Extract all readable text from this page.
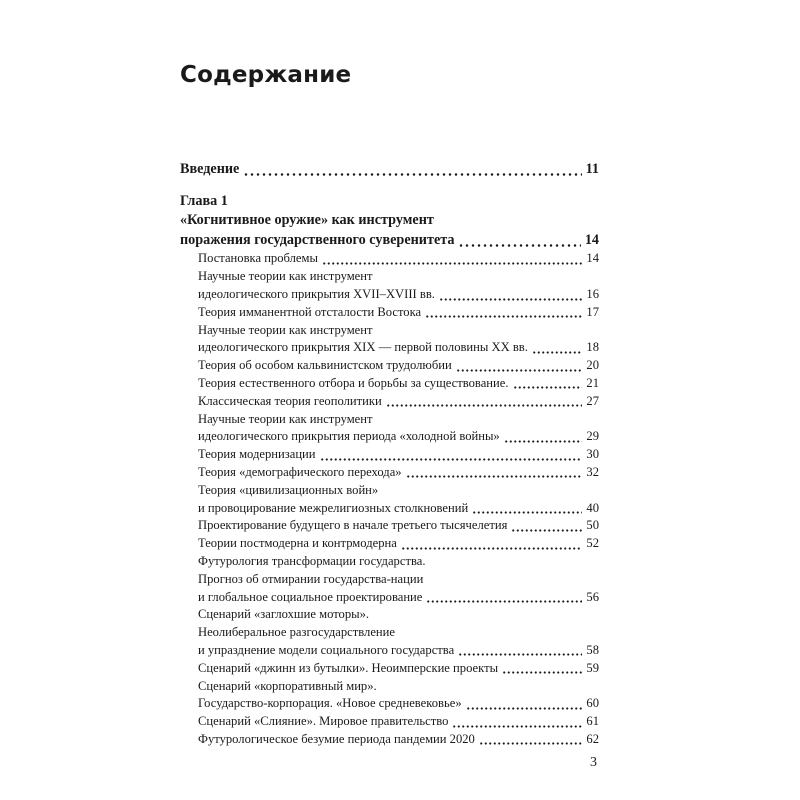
Содержание
Введение	11
Глава 1
«Когнитивное оружие» как инструмент
поражения государственного суверенитета	14
Постановка проблемы	14
Научные теории как инструмент
идеологического прикрытия XVII–XVIII вв.	16
Теория имманентной отсталости Востока	17
Научные теории как инструмент
идеологического прикрытия XIX — первой половины XX вв.	18
Теория об особом кальвинистском трудолюбии	20
Теория естественного отбора и борьбы за существование.	21
Классическая теория геополитики	27
Научные теории как инструмент
идеологического прикрытия периода «холодной войны»	29
Теория модернизации	30
Теория «демографического перехода»	32
Теория «цивилизационных войн»
и провоцирование межрелигиозных столкновений	40
Проектирование будущего в начале третьего тысячелетия	50
Теории постмодерна и контрмодерна	52
Футурология трансформации государства.
Прогноз об отмирании государства-нации
и глобальное социальное проектирование	56
Сценарий «заглохшие моторы».
Неолиберальное разгосударствление
и упразднение модели социального государства	58
Сценарий «джинн из бутылки». Неоимперские проекты	59
Сценарий «корпоративный мир».
Государство-корпорация. «Новое средневековье»	60
Сценарий «Слияние». Мировое правительство	61
Футурологическое безумие периода пандемии 2020	62
3
